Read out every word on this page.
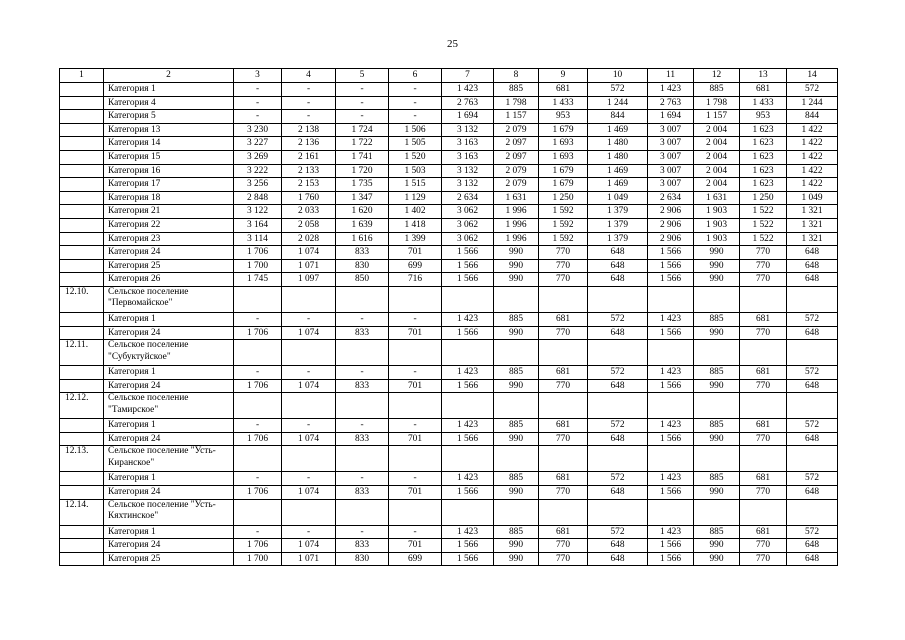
25
1	2	3	4	5	6	7	8	9	10	11	12	13	14
	Категория 1	-	-	-	-	1 423	885	681	572	1 423	885	681	572
	Категория 4	-	-	-	-	2 763	1 798	1 433	1 244	2 763	1 798	1 433	1 244
	Категория 5	-	-	-	-	1 694	1 157	953	844	1 694	1 157	953	844
	Категория 13	3 230	2 138	1 724	1 506	3 132	2 079	1 679	1 469	3 007	2 004	1 623	1 422
	Категория 14	3 227	2 136	1 722	1 505	3 163	2 097	1 693	1 480	3 007	2 004	1 623	1 422
	Категория 15	3 269	2 161	1 741	1 520	3 163	2 097	1 693	1 480	3 007	2 004	1 623	1 422
	Категория 16	3 222	2 133	1 720	1 503	3 132	2 079	1 679	1 469	3 007	2 004	1 623	1 422
	Категория 17	3 256	2 153	1 735	1 515	3 132	2 079	1 679	1 469	3 007	2 004	1 623	1 422
	Категория 18	2 848	1 760	1 347	1 129	2 634	1 631	1 250	1 049	2 634	1 631	1 250	1 049
	Категория 21	3 122	2 033	1 620	1 402	3 062	1 996	1 592	1 379	2 906	1 903	1 522	1 321
	Категория 22	3 164	2 058	1 639	1 418	3 062	1 996	1 592	1 379	2 906	1 903	1 522	1 321
	Категория 23	3 114	2 028	1 616	1 399	3 062	1 996	1 592	1 379	2 906	1 903	1 522	1 321
	Категория 24	1 706	1 074	833	701	1 566	990	770	648	1 566	990	770	648
	Категория 25	1 700	1 071	830	699	1 566	990	770	648	1 566	990	770	648
	Категория 26	1 745	1 097	850	716	1 566	990	770	648	1 566	990	770	648
12.10.	Сельское поселение "Первомайское"												
	Категория 1	-	-	-	-	1 423	885	681	572	1 423	885	681	572
	Категория 24	1 706	1 074	833	701	1 566	990	770	648	1 566	990	770	648
12.11.	Сельское поселение "Субуктуйское"												
	Категория 1	-	-	-	-	1 423	885	681	572	1 423	885	681	572
	Категория 24	1 706	1 074	833	701	1 566	990	770	648	1 566	990	770	648
12.12.	Сельское поселение "Тамирское"												
	Категория 1	-	-	-	-	1 423	885	681	572	1 423	885	681	572
	Категория 24	1 706	1 074	833	701	1 566	990	770	648	1 566	990	770	648
12.13.	Сельское поселение "Усть-Киранское"												
	Категория 1	-	-	-	-	1 423	885	681	572	1 423	885	681	572
	Категория 24	1 706	1 074	833	701	1 566	990	770	648	1 566	990	770	648
12.14.	Сельское поселение "Усть-Кяхтинское"												
	Категория 1	-	-	-	-	1 423	885	681	572	1 423	885	681	572
	Категория 24	1 706	1 074	833	701	1 566	990	770	648	1 566	990	770	648
	Категория 25	1 700	1 071	830	699	1 566	990	770	648	1 566	990	770	648
